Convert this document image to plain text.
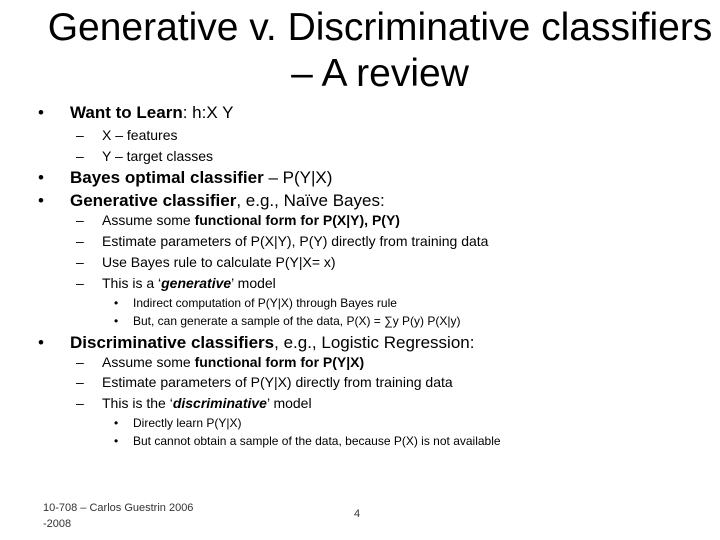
Generative v. Discriminative classifiers
– A review
• Want to Learn: h:X Y
– X – features
– Y – target classes
• Bayes optimal classifier – P(Y|X)
• Generative classifier, e.g., Naïve Bayes:
– Assume some functional form for P(X|Y), P(Y)
– Estimate parameters of P(X|Y), P(Y) directly from training data
– Use Bayes rule to calculate P(Y|X= x)
– This is a ‘generative’ model
• Indirect computation of P(Y|X) through Bayes rule
• But, can generate a sample of the data, P(X) = ∑y P(y) P(X|y)
• Discriminative classifiers, e.g., Logistic Regression:
– Assume some functional form for P(Y|X)
– Estimate parameters of P(Y|X) directly from training data
– This is the ‘discriminative’ model
• Directly learn P(Y|X)
• But cannot obtain a sample of the data, because P(X) is not available
10-708 – Carlos Guestrin 2006
-2008
4
